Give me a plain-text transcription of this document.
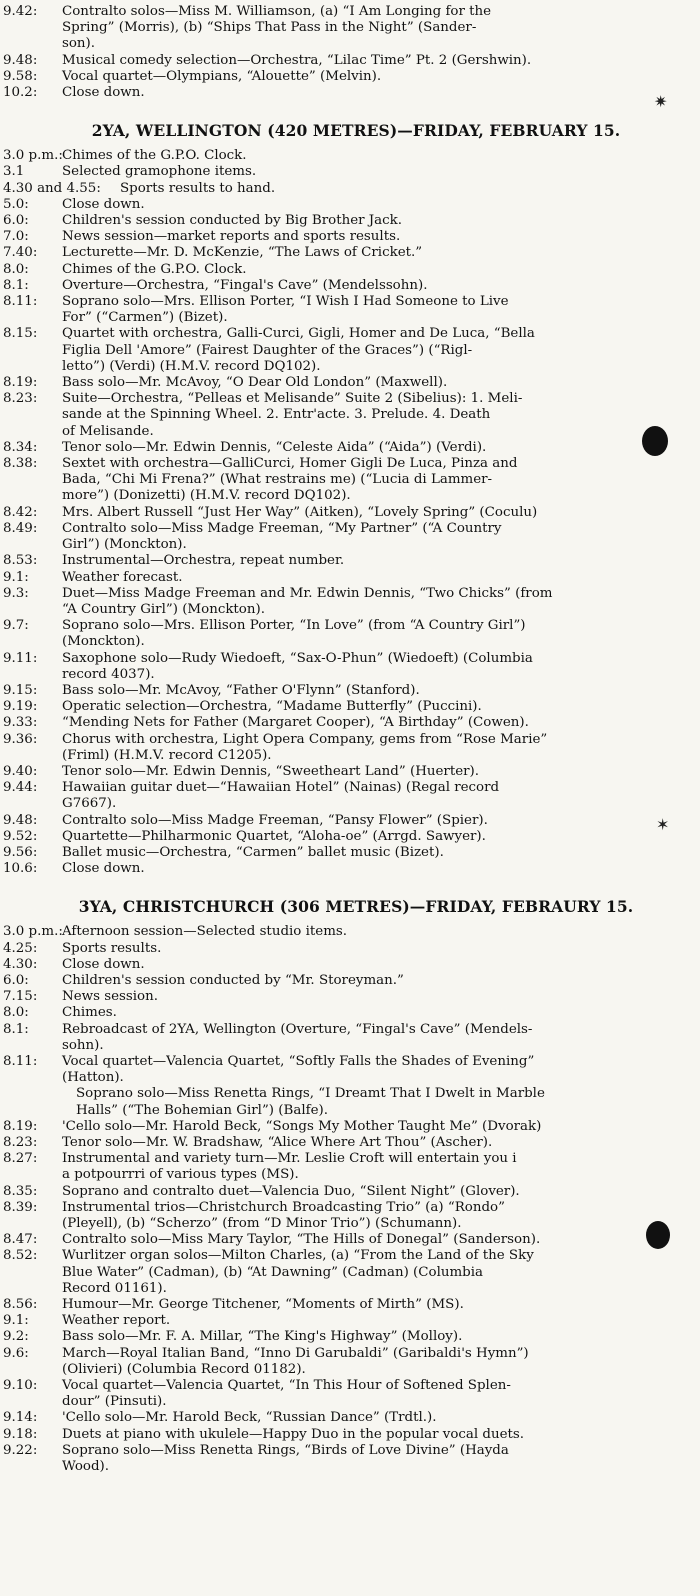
9.42: Contralto solos—Miss M. Williamson, (a) “I Am Longing for the
Spring” (Morris), (b) “Ships That Pass in the Night” (Sander-
son).
9.48: Musical comedy selection—Orchestra, “Lilac Time” Pt. 2 (Gershwin).
9.58: Vocal quartet—Olympians, “Alouette” (Melvin).
10.2: Close down.
2YA, WELLINGTON (420 METRES)—FRIDAY, FEBRUARY 15.
3.0 p.m.: Chimes of the G.P.O. Clock.
3.1	Selected gramophone items.
4.30 and 4.55: Sports results to hand.
5.0: Close down.
6.0: Children's session conducted by Big Brother Jack.
7.0: News session—market reports and sports results.
7.40: Lecturette—Mr. D. McKenzie, “The Laws of Cricket.”
8.0: Chimes of the G.P.O. Clock.
8.1: Overture—Orchestra, “Fingal's Cave” (Mendelssohn).
8.11: Soprano solo—Mrs. Ellison Porter, “I Wish I Had Someone to Live
For” (“Carmen”) (Bizet).
8.15: Quartet with orchestra, Galli-Curci, Gigli, Homer and De Luca, “Bella
Figlia Dell 'Amore” (Fairest Daughter of the Graces”) (“Rigl-
letto”) (Verdi) (H.M.V. record DQ102).
8.19: Bass solo—Mr. McAvoy, “O Dear Old London” (Maxwell).
8.23: Suite—Orchestra, “Pelleas et Melisande” Suite 2 (Sibelius): 1. Meli-
sande at the Spinning Wheel. 2. Entr'acte. 3. Prelude. 4. Death
of Melisande.
8.34: Tenor solo—Mr. Edwin Dennis, “Celeste Aida” (“Aida”) (Verdi).
8.38: Sextet with orchestra—GalliCurci, Homer Gigli De Luca, Pinza and
Bada, “Chi Mi Frena?” (What restrains me) (“Lucia di Lammer-
more”) (Donizetti) (H.M.V. record DQ102).
8.42: Mrs. Albert Russell “Just Her Way” (Aitken), “Lovely Spring” (Coculu)
8.49: Contralto solo—Miss Madge Freeman, “My Partner” (“A Country
Girl”) (Monckton).
8.53: Instrumental—Orchestra, repeat number.
9.1: Weather forecast.
9.3: Duet—Miss Madge Freeman and Mr. Edwin Dennis, “Two Chicks” (from
“A Country Girl”) (Monckton).
9.7: Soprano solo—Mrs. Ellison Porter, “In Love” (from “A Country Girl”)
(Monckton).
9.11: Saxophone solo—Rudy Wiedoeft, “Sax-O-Phun” (Wiedoeft) (Columbia
record 4037).
9.15: Bass solo—Mr. McAvoy, “Father O'Flynn” (Stanford).
9.19: Operatic selection—Orchestra, “Madame Butterfly” (Puccini).
9.33: “Mending Nets for Father (Margaret Cooper), “A Birthday” (Cowen).
9.36: Chorus with orchestra, Light Opera Company, gems from “Rose Marie”
(Friml) (H.M.V. record C1205).
9.40: Tenor solo—Mr. Edwin Dennis, “Sweetheart Land” (Huerter).
9.44: Hawaiian guitar duet—“Hawaiian Hotel” (Nainas) (Regal record
G7667).
9.48: Contralto solo—Miss Madge Freeman, “Pansy Flower” (Spier).
9.52: Quartette—Philharmonic Quartet, “Aloha-oe” (Arrgd. Sawyer).
9.56: Ballet music—Orchestra, “Carmen” ballet music (Bizet).
10.6: Close down.
3YA, CHRISTCHURCH (306 METRES)—FRIDAY, FEBRAURY 15.
3.0 p.m.: Afternoon session—Selected studio items.
4.25: Sports results.
4.30: Close down.
6.0: Children's session conducted by “Mr. Storeyman.”
7.15: News session.
8.0: Chimes.
8.1: Rebroadcast of 2YA, Wellington (Overture, “Fingal's Cave” (Mendels-
sohn).
8.11: Vocal quartet—Valencia Quartet, “Softly Falls the Shades of Evening”
(Hatton).
Soprano solo—Miss Renetta Rings, “I Dreamt That I Dwelt in Marble
Halls” (“The Bohemian Girl”) (Balfe).
8.19: 'Cello solo—Mr. Harold Beck, “Songs My Mother Taught Me” (Dvorak)
8.23: Tenor solo—Mr. W. Bradshaw, “Alice Where Art Thou” (Ascher).
8.27: Instrumental and variety turn—Mr. Leslie Croft will entertain you i
a potpourrri of various types (MS).
8.35: Soprano and contralto duet—Valencia Duo, “Silent Night” (Glover).
8.39: Instrumental trios—Christchurch Broadcasting Trio” (a) “Rondo”
(Pleyell), (b) “Scherzo” (from “D Minor Trio”) (Schumann).
8.47: Contralto solo—Miss Mary Taylor, “The Hills of Donegal” (Sanderson).
8.52: Wurlitzer organ solos—Milton Charles, (a) “From the Land of the Sky
Blue Water” (Cadman), (b) “At Dawning” (Cadman) (Columbia
Record 01161).
8.56: Humour—Mr. George Titchener, “Moments of Mirth” (MS).
9.1: Weather report.
9.2: Bass solo—Mr. F. A. Millar, “The King's Highway” (Molloy).
9.6: March—Royal Italian Band, “Inno Di Garubaldi” (Garibaldi's Hymn”)
(Olivieri) (Columbia Record 01182).
9.10: Vocal quartet—Valencia Quartet, “In This Hour of Softened Splen-
dour” (Pinsuti).
9.14: 'Cello solo—Mr. Harold Beck, “Russian Dance” (Trdtl.).
9.18: Duets at piano with ukulele—Happy Duo in the popular vocal duets.
9.22: Soprano solo—Miss Renetta Rings, “Birds of Love Divine” (Hayda
Wood).
✷
✶
